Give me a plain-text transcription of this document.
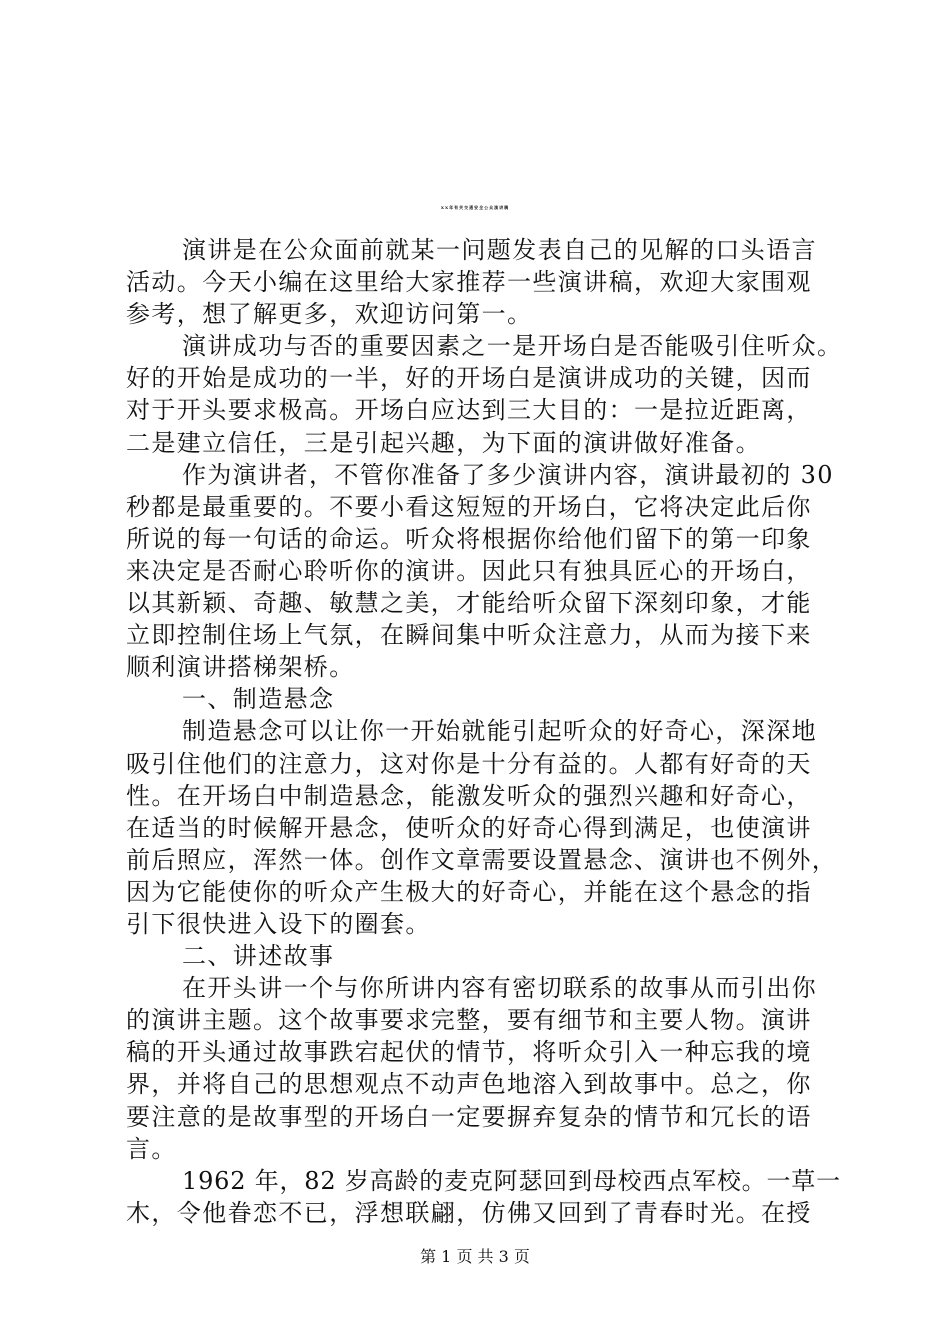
XX年有关交通安全公众演讲稿
演讲是在公众面前就某一问题发表自己的见解的口头语言
活动。今天小编在这里给大家推荐一些演讲稿，欢迎大家围观
参考，想了解更多，欢迎访问第一。
演讲成功与否的重要因素之一是开场白是否能吸引住听众。
好的开始是成功的一半，好的开场白是演讲成功的关键，因而
对于开头要求极高。开场白应达到三大目的：一是拉近距离，
二是建立信任，三是引起兴趣，为下面的演讲做好准备。
作为演讲者，不管你准备了多少演讲内容，演讲最初的 30
秒都是最重要的。不要小看这短短的开场白，它将决定此后你
所说的每一句话的命运。听众将根据你给他们留下的第一印象
来决定是否耐心聆听你的演讲。因此只有独具匠心的开场白，
以其新颖、奇趣、敏慧之美，才能给听众留下深刻印象，才能
立即控制住场上气氛，在瞬间集中听众注意力，从而为接下来
顺利演讲搭梯架桥。
一、制造悬念
制造悬念可以让你一开始就能引起听众的好奇心，深深地
吸引住他们的注意力，这对你是十分有益的。人都有好奇的天
性。在开场白中制造悬念，能激发听众的强烈兴趣和好奇心，
在适当的时候解开悬念，使听众的好奇心得到满足，也使演讲
前后照应，浑然一体。创作文章需要设置悬念、演讲也不例外，
因为它能使你的听众产生极大的好奇心，并能在这个悬念的指
引下很快进入设下的圈套。
二、讲述故事
在开头讲一个与你所讲内容有密切联系的故事从而引出你
的演讲主题。这个故事要求完整，要有细节和主要人物。演讲
稿的开头通过故事跌宕起伏的情节，将听众引入一种忘我的境
界，并将自己的思想观点不动声色地溶入到故事中。总之，你
要注意的是故事型的开场白一定要摒弃复杂的情节和冗长的语
言。
1962 年，82 岁高龄的麦克阿瑟回到母校西点军校。一草一
木，令他眷恋不已，浮想联翩，仿佛又回到了青春时光。在授
第 1 页 共 3 页
